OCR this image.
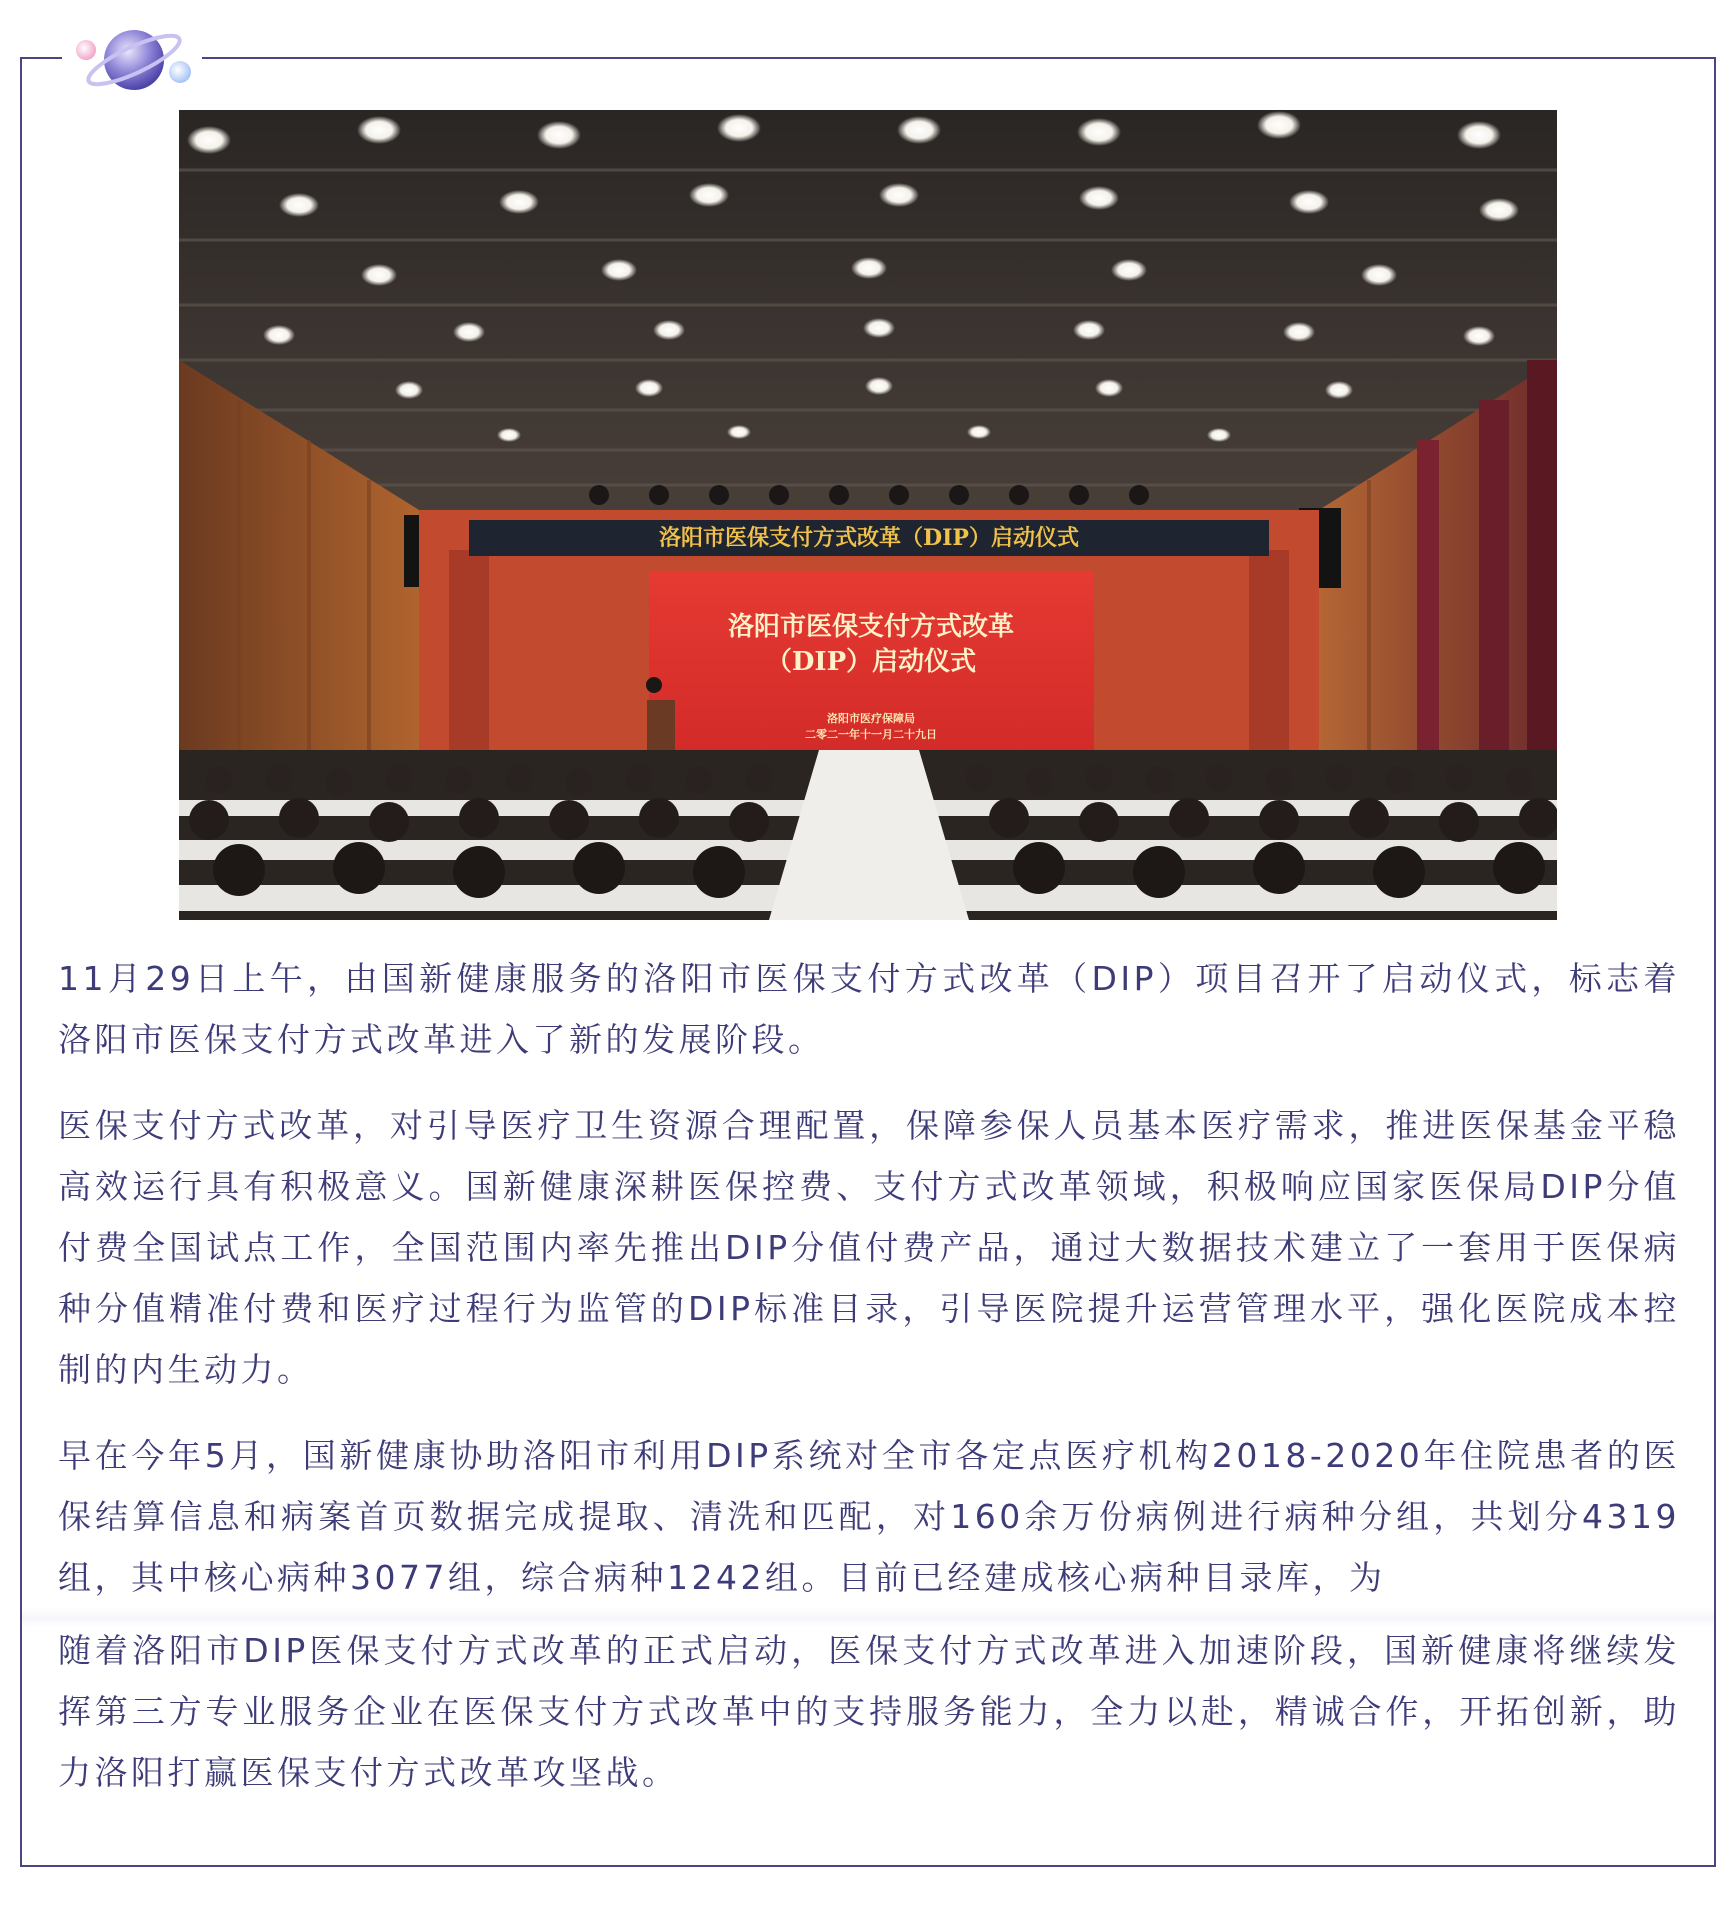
洛阳市医保支付方式改革（DIP）启动仪式
洛阳市医保支付方式改革
（DIP）启动仪式
洛阳市医疗保障局
二零二一年十一月二十九日

11月29日上午，由国新健康服务的洛阳市医保支付方式改革（DIP）项目召开了启动仪式，标志着洛阳市医保支付方式改革进入了新的发展阶段。

医保支付方式改革，对引导医疗卫生资源合理配置，保障参保人员基本医疗需求，推进医保基金平稳高效运行具有积极意义。国新健康深耕医保控费、支付方式改革领域，积极响应国家医保局DIP分值付费全国试点工作，全国范围内率先推出DIP分值付费产品，通过大数据技术建立了一套用于医保病种分值精准付费和医疗过程行为监管的DIP标准目录，引导医院提升运营管理水平，强化医院成本控制的内生动力。

早在今年5月，国新健康协助洛阳市利用DIP系统对全市各定点医疗机构2018-2020年住院患者的医保结算信息和病案首页数据完成提取、清洗和匹配，对160余万份病例进行病种分组，共划分4319组，其中核心病种3077组，综合病种1242组。目前已经建成核心病种目录库，为

随着洛阳市DIP医保支付方式改革的正式启动，医保支付方式改革进入加速阶段，国新健康将继续发挥第三方专业服务企业在医保支付方式改革中的支持服务能力，全力以赴，精诚合作，开拓创新，助力洛阳打赢医保支付方式改革攻坚战。
